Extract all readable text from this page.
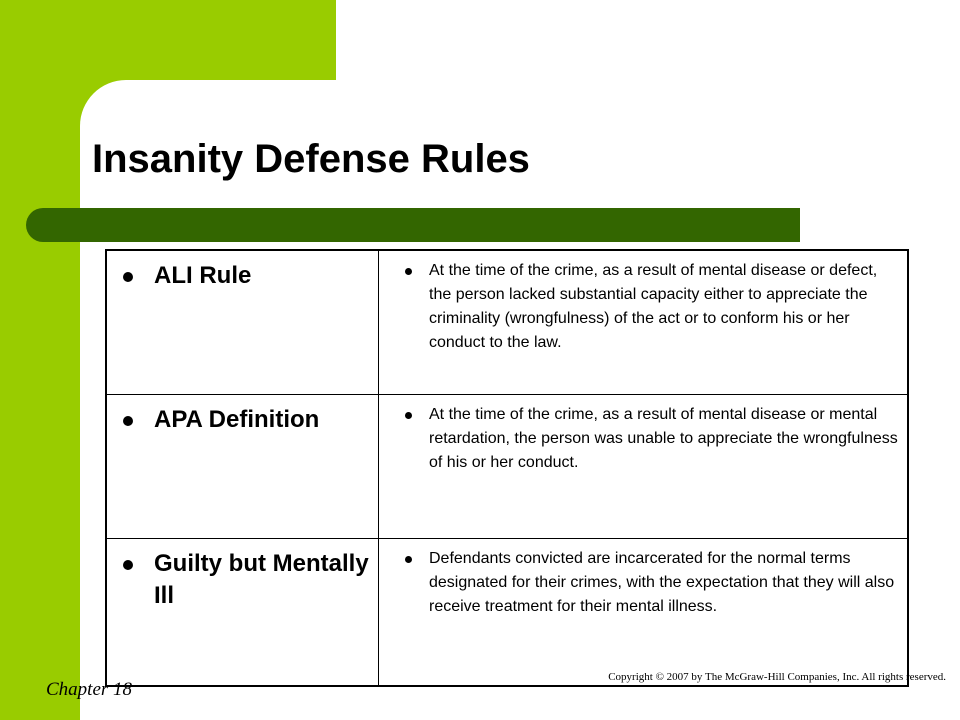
Insanity Defense Rules
ALI Rule	At the time of the crime, as a result of mental disease or defect, the person lacked substantial capacity either to appreciate the criminality (wrongfulness) of the act or to conform his or her conduct to the law.

APA Definition	At the time of the crime, as a result of mental disease or mental retardation, the person was unable to appreciate the wrongfulness of his or her conduct.

Guilty but Mentally Ill	Defendants convicted are incarcerated for the normal terms designated for their crimes, with the expectation that they will also receive treatment for their mental illness.
Chapter 18
Copyright © 2007 by The McGraw-Hill Companies, Inc. All rights reserved.
